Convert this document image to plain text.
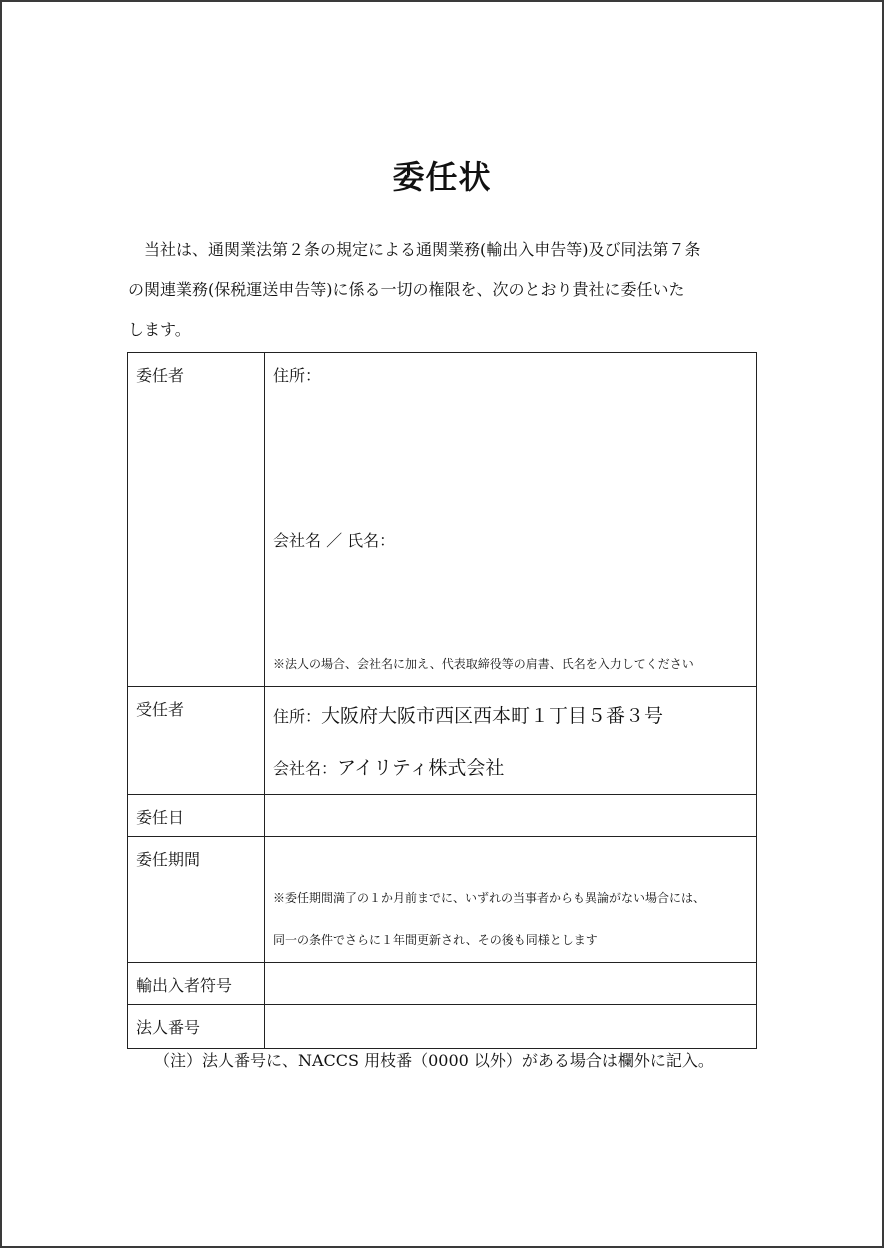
委任状
　当社は、通関業法第２条の規定による通関業務(輸出入申告等)及び同法第７条
の関連業務(保税運送申告等)に係る一切の権限を、次のとおり貴社に委任いた
します。
委任者	住所：
会社名 ／ 氏名：
※法人の場合、会社名に加え、代表取締役等の肩書、氏名を入力してください

受任者	住所：大阪府大阪市西区西本町１丁目５番３号
会社名：アイリティ株式会社

委任日	

委任期間	※委任期間満了の１か月前までに、いずれの当事者からも異論がない場合には、
同一の条件でさらに１年間更新され、その後も同様とします

輸出入者符号	

法人番号	

（注）法人番号に、NACCS 用枝番（0000 以外）がある場合は欄外に記入。
